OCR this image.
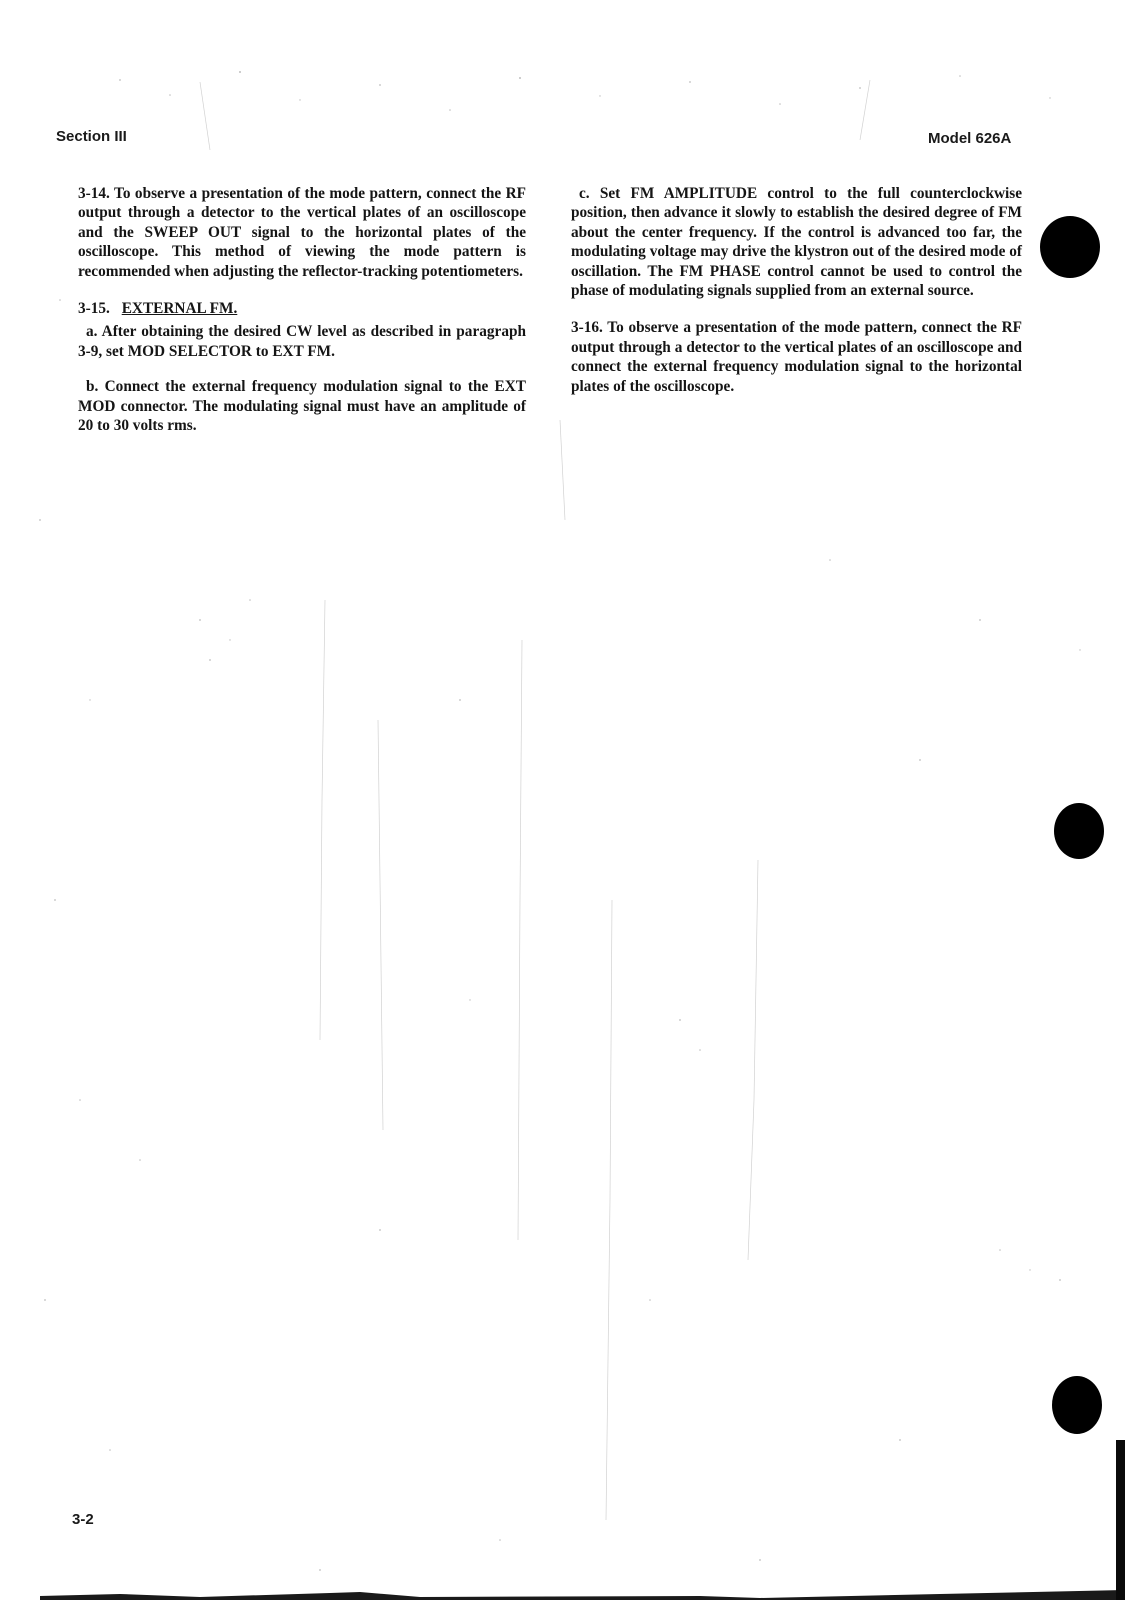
Section III	Model 626A

3-14. To observe a presentation of the mode pattern, connect the RF output through a detector to the vertical plates of an oscilloscope and the SWEEP OUT signal to the horizontal plates of the oscilloscope. This method of viewing the mode pattern is recommended when adjusting the reflector-tracking potentiometers.

3-15. EXTERNAL FM.

a. After obtaining the desired CW level as described in paragraph 3-9, set MOD SELECTOR to EXT FM.

b. Connect the external frequency modulation signal to the EXT MOD connector. The modulating signal must have an amplitude of 20 to 30 volts rms.

c. Set FM AMPLITUDE control to the full counterclockwise position, then advance it slowly to establish the desired degree of FM about the center frequency. If the control is advanced too far, the modulating voltage may drive the klystron out of the desired mode of oscillation. The FM PHASE control cannot be used to control the phase of modulating signals supplied from an external source.

3-16. To observe a presentation of the mode pattern, connect the RF output through a detector to the vertical plates of an oscilloscope and connect the external frequency modulation signal to the horizontal plates of the oscilloscope.

3-2
